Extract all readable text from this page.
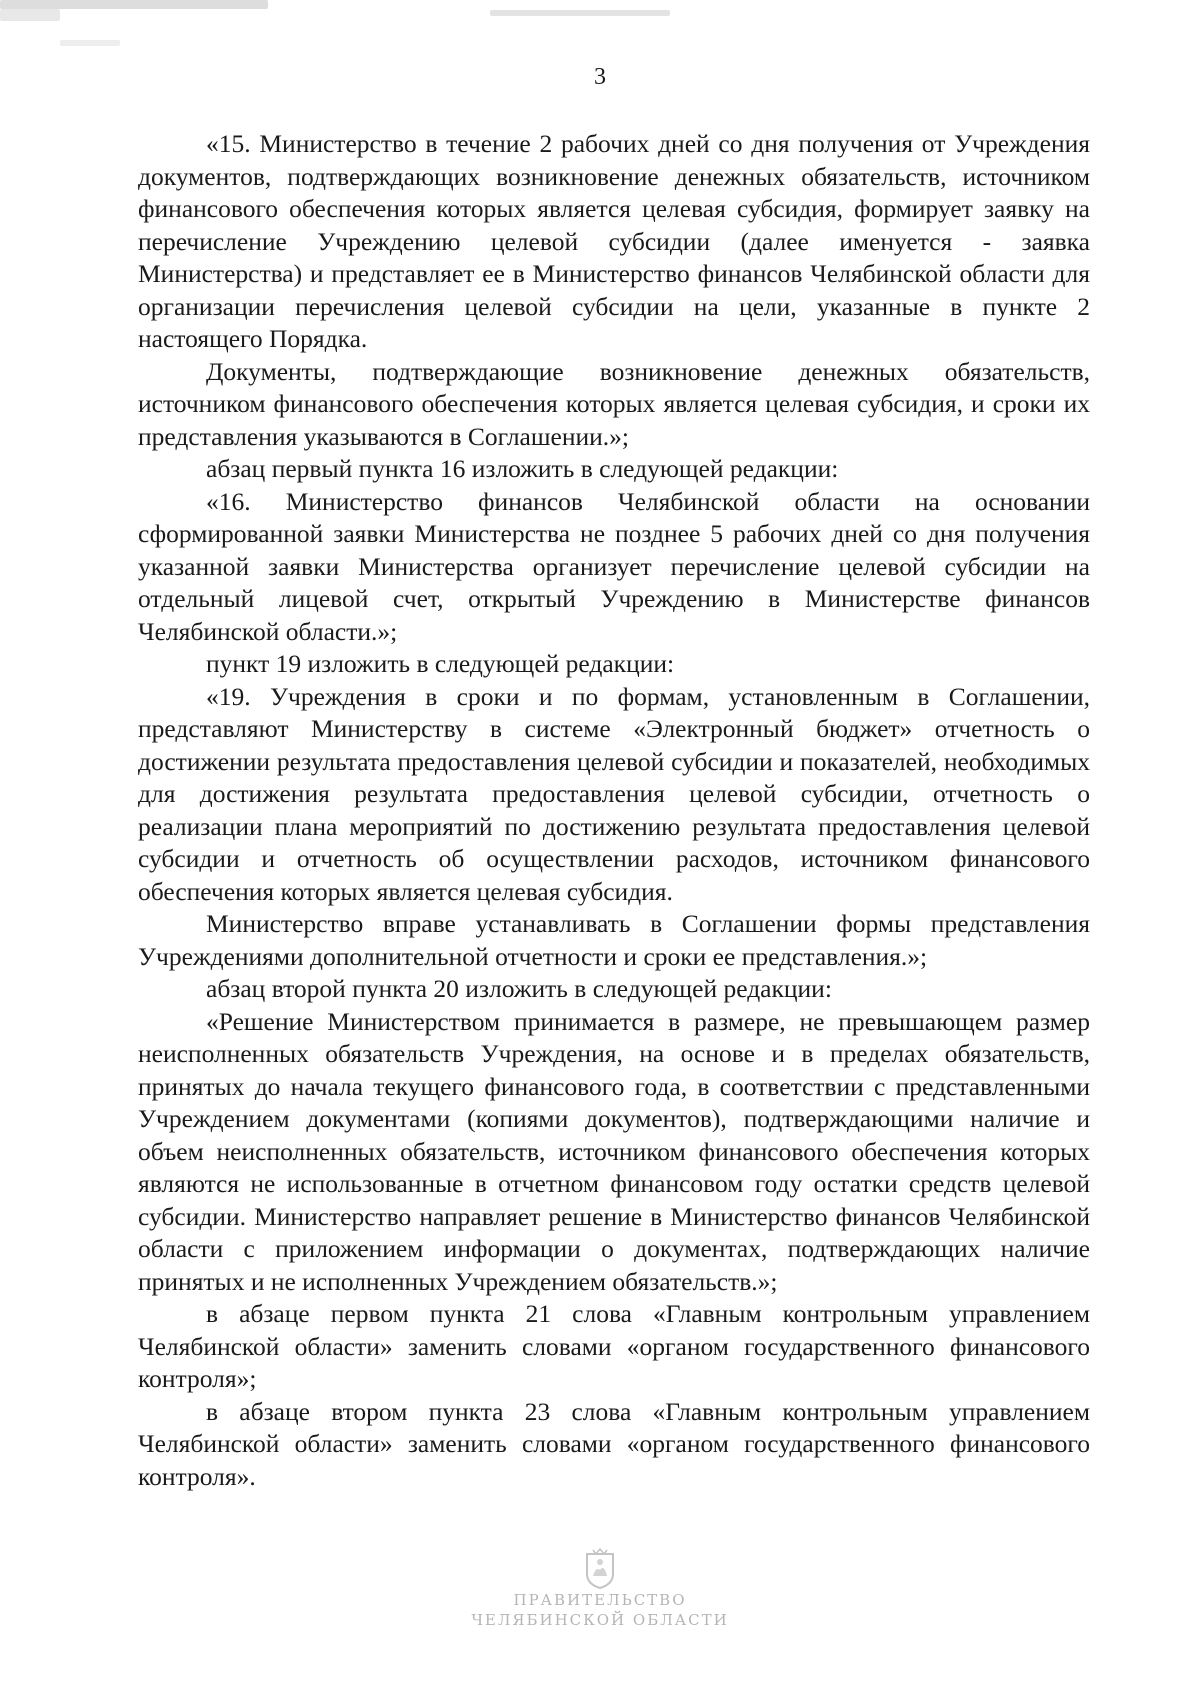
3

«15. Министерство в течение 2 рабочих дней со дня получения от Учреждения документов, подтверждающих возникновение денежных обязательств, источником финансового обеспечения которых является целевая субсидия, формирует заявку на перечисление Учреждению целевой субсидии (далее именуется - заявка Министерства) и представляет ее в Министерство финансов Челябинской области для организации перечисления целевой субсидии на цели, указанные в пункте 2 настоящего Порядка.

Документы, подтверждающие возникновение денежных обязательств, источником финансового обеспечения которых является целевая субсидия, и сроки их представления указываются в Соглашении.»;

абзац первый пункта 16 изложить в следующей редакции:

«16. Министерство финансов Челябинской области на основании сформированной заявки Министерства не позднее 5 рабочих дней со дня получения указанной заявки Министерства организует перечисление целевой субсидии на отдельный лицевой счет, открытый Учреждению в Министерстве финансов Челябинской области.»;

пункт 19 изложить в следующей редакции:

«19. Учреждения в сроки и по формам, установленным в Соглашении, представляют Министерству в системе «Электронный бюджет» отчетность о достижении результата предоставления целевой субсидии и показателей, необходимых для достижения результата предоставления целевой субсидии, отчетность о реализации плана мероприятий по достижению результата предоставления целевой субсидии и отчетность об осуществлении расходов, источником финансового обеспечения которых является целевая субсидия.

Министерство вправе устанавливать в Соглашении формы представления Учреждениями дополнительной отчетности и сроки ее представления.»;

абзац второй пункта 20 изложить в следующей редакции:

«Решение Министерством принимается в размере, не превышающем размер неисполненных обязательств Учреждения, на основе и в пределах обязательств, принятых до начала текущего финансового года, в соответствии с представленными Учреждением документами (копиями документов), подтверждающими наличие и объем неисполненных обязательств, источником финансового обеспечения которых являются не использованные в отчетном финансовом году остатки средств целевой субсидии. Министерство направляет решение в Министерство финансов Челябинской области с приложением информации о документах, подтверждающих наличие принятых и не исполненных Учреждением обязательств.»;

в абзаце первом пункта 21 слова «Главным контрольным управлением Челябинской области» заменить словами «органом государственного финансового контроля»;

в абзаце втором пункта 23 слова «Главным контрольным управлением Челябинской области» заменить словами «органом государственного финансового контроля».

ПРАВИТЕЛЬСТВО
ЧЕЛЯБИНСКОЙ ОБЛАСТИ
